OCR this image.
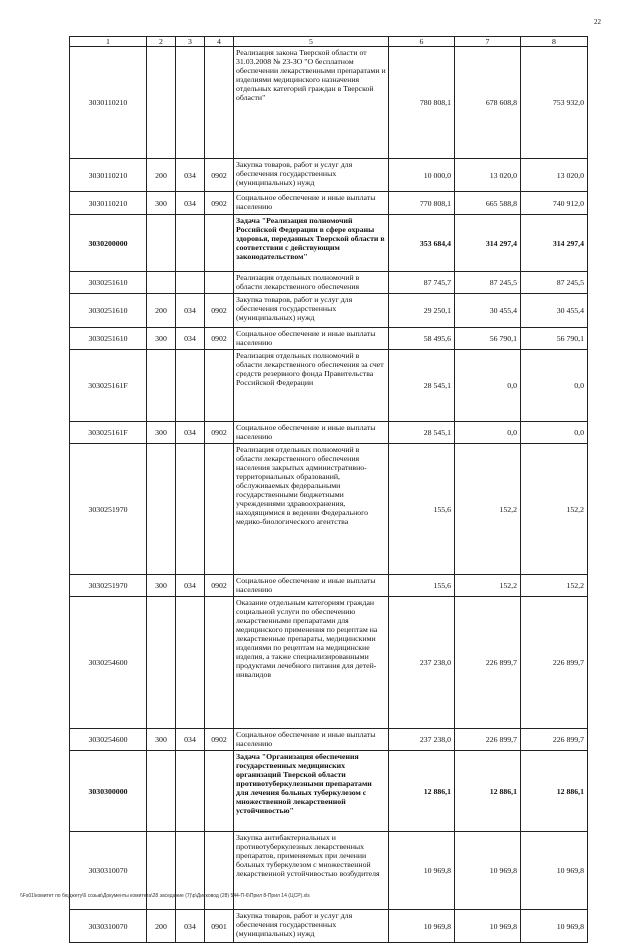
22
1	2	3	4	5	6	7	8
3030110210				Реализация закона Тверской области от 31.03.2008 № 23-ЗО "О бесплатном обеспечении лекарственными препаратами и изделиями медицинского назначения отдельных категорий граждан в Тверской области"	780 808,1	678 608,8	753 932,0
3030110210	200	034	0902	Закупка товаров, работ и услуг для обеспечения государственных (муниципальных) нужд	10 000,0	13 020,0	13 020,0
3030110210	300	034	0902	Социальное обеспечение и иные выплаты населению	770 808,1	665 588,8	740 912,0
3030200000				Задача "Реализация полномочий Российской Федерации в сфере охраны здоровья, переданных Тверской области в соответствии с действующим законодательством"	353 684,4	314 297,4	314 297,4
3030251610				Реализация отдельных полномочий в области лекарственного обеспечения	87 745,7	87 245,5	87 245,5
3030251610	200	034	0902	Закупка товаров, работ и услуг для обеспечения государственных (муниципальных) нужд	29 250,1	30 455,4	30 455,4
3030251610	300	034	0902	Социальное обеспечение и иные выплаты населению	58 495,6	56 790,1	56 790,1
303025161F				Реализация отдельных полномочий в области лекарственного обеспечения за счет средств резервного фонда Правительства Российской Федерации	28 545,1	0,0	0,0
303025161F	300	034	0902	Социальное обеспечение и иные выплаты населению	28 545,1	0,0	0,0
3030251970				Реализация отдельных полномочий в области лекарственного обеспечения населения закрытых административно-территориальных образований, обслуживаемых федеральными государственными бюджетными учреждениями здравоохранения, находящимися в ведении Федерального медико-биологического агентства	155,6	152,2	152,2
3030251970	300	034	0902	Социальное обеспечение и иные выплаты населению	155,6	152,2	152,2
3030254600				Оказание отдельным категориям граждан социальной услуги по обеспечению лекарственными препаратами для медицинского применения по рецептам на лекарственные препараты, медицинскими изделиями по рецептам на медицинские изделия, а также специализированными продуктами лечебного питания для детей-инвалидов	237 238,0	226 899,7	226 899,7
3030254600	300	034	0902	Социальное обеспечение и иные выплаты населению	237 238,0	226 899,7	226 899,7
3030300000				Задача "Организация обеспечения государственных медицинских организаций Тверской области противотуберкулезными препаратами для лечения больных туберкулезом с множественной лекарственной устойчивостью"	12 886,1	12 886,1	12 886,1
3030310070				Закупка антибактериальных и противотуберкулезных лекарственных препаратов, применяемых при лечении больных туберкулезом с множественной лекарственной устойчивостью возбудителя	10 969,8	10 969,8	10 969,8
3030310070	200	034	0901	Закупка товаров, работ и услуг для обеспечения государственных (муниципальных) нужд	10 969,8	10 969,8	10 969,8
\\Fs01\комитет по бюджету\6 созыв\Документы комитета\28 заседание (7)\р\Дисковод (28) 544-П-6\Прил 8-Прил 14 (ЦСР).xls
